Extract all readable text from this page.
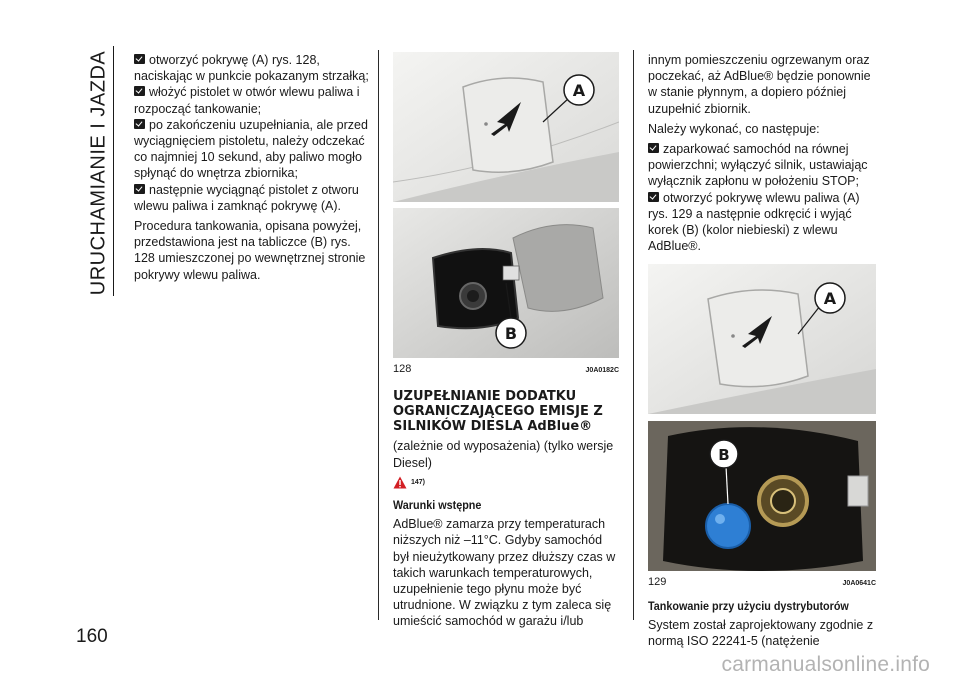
URUCHAMIANIE I JAZDA
160

otworzyć pokrywę (A) rys. 128, naciskając w punkcie pokazanym strzałką;

włożyć pistolet w otwór wlewu paliwa i rozpocząć tankowanie;

po zakończeniu uzupełniania, ale przed wyciągnięciem pistoletu, należy odczekać co najmniej 10 sekund, aby paliwo mogło spłynąć do wnętrza zbiornika;

następnie wyciągnąć pistolet z otworu wlewu paliwa i zamknąć pokrywę (A).

Procedura tankowania, opisana powyżej, przedstawiona jest na tabliczce (B) rys. 128 umieszczonej po wewnętrznej stronie pokrywy wlewu paliwa.

A
B
128	J0A0182C
UZUPEŁNIANIE DODATKU OGRANICZAJĄCEGO EMISJE Z SILNIKÓW DIESLA AdBlue®

(zależnie od wyposażenia) (tylko wersje Diesel)

147)
Warunki wstępne

AdBlue® zamarza przy temperaturach niższych niż –11°C. Gdyby samochód był nieużytkowany przez dłuższy czas w takich warunkach temperaturowych, uzupełnienie tego płynu może być utrudnione. W związku z tym zaleca się umieścić samochód w garażu i/lub

innym pomieszczeniu ogrzewanym oraz poczekać, aż AdBlue® będzie ponownie w stanie płynnym, a dopiero później uzupełnić zbiornik.

Należy wykonać, co następuje:

zaparkować samochód na równej powierzchni; wyłączyć silnik, ustawiając wyłącznik zapłonu w położeniu STOP;

otworzyć pokrywę wlewu paliwa (A) rys. 129 a następnie odkręcić i wyjąć korek (B) (kolor niebieski) z wlewu AdBlue®.

A
B
129	J0A0641C
Tankowanie przy użyciu dystrybutorów

System został zaprojektowany zgodnie z normą ISO 22241-5 (natężenie

carmanualsonline.info
